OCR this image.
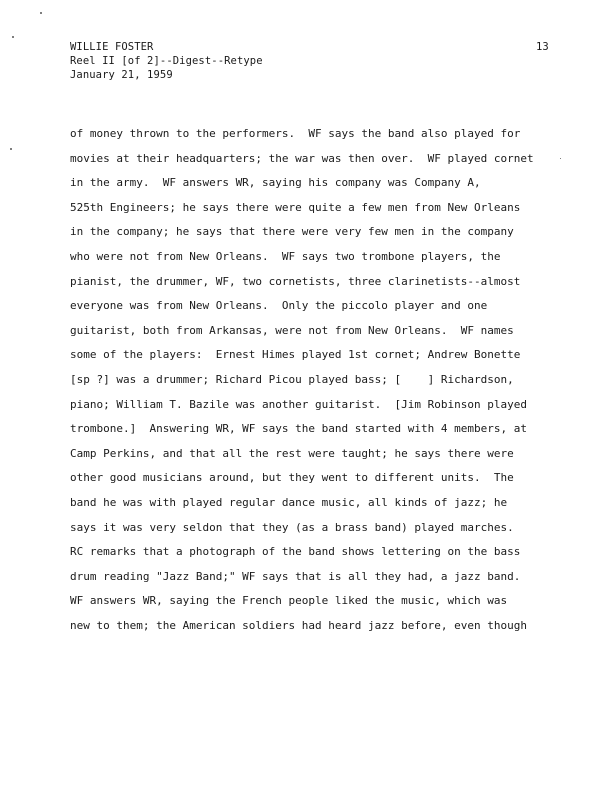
WILLIE FOSTER
Reel II [of 2]--Digest--Retype
January 21, 1959
13
of money thrown to the performers.  WF says the band also played for
movies at their headquarters; the war was then over.  WF played cornet
in the army.  WF answers WR, saying his company was Company A,
525th Engineers; he says there were quite a few men from New Orleans
in the company; he says that there were very few men in the company
who were not from New Orleans.  WF says two trombone players, the
pianist, the drummer, WF, two cornetists, three clarinetists--almost
everyone was from New Orleans.  Only the piccolo player and one
guitarist, both from Arkansas, were not from New Orleans.  WF names
some of the players:  Ernest Himes played 1st cornet; Andrew Bonette
[sp ?] was a drummer; Richard Picou played bass; [    ] Richardson,
piano; William T. Bazile was another guitarist.  [Jim Robinson played
trombone.]  Answering WR, WF says the band started with 4 members, at
Camp Perkins, and that all the rest were taught; he says there were
other good musicians around, but they went to different units.  The
band he was with played regular dance music, all kinds of jazz; he
says it was very seldon that they (as a brass band) played marches.
RC remarks that a photograph of the band shows lettering on the bass
drum reading "Jazz Band;" WF says that is all they had, a jazz band.
WF answers WR, saying the French people liked the music, which was
new to them; the American soldiers had heard jazz before, even though
